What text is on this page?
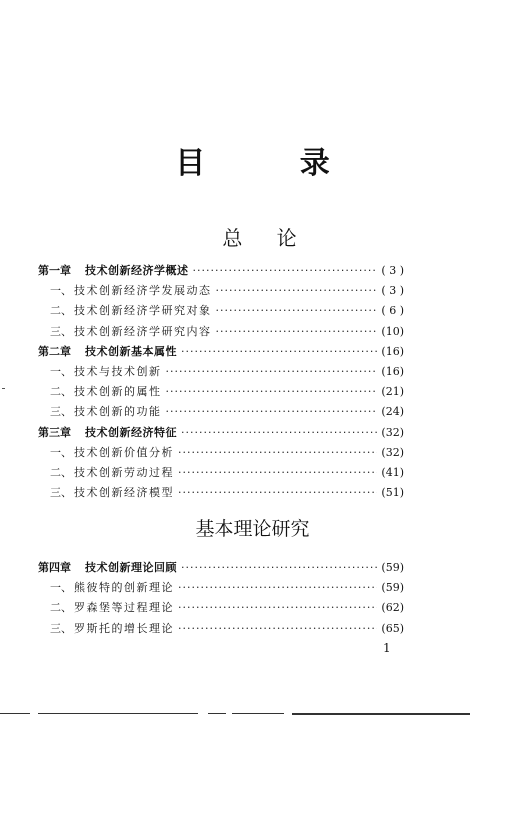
目 录
总 论
第一章 技术创新经济学概述 ·····	( 3 )
一、 技术创新经济学发展动态 ·····	( 3 )
二、 技术创新经济学研究对象 ·····	( 6 )
三、 技术创新经济学研究内容 ·····	(10)
第二章 技术创新基本属性 ·····	(16)
一、 技术与技术创新 ·····	(16)
二、 技术创新的属性 ·····	(21)
三、 技术创新的功能 ·····	(24)
第三章 技术创新经济特征 ·····	(32)
一、 技术创新价值分析 ·····	(32)
二、 技术创新劳动过程 ·····	(41)
三、 技术创新经济模型 ·····	(51)
基本理论研究
第四章 技术创新理论回顾 ·····	(59)
一、 熊彼特的创新理论 ·····	(59)
二、 罗森堡等过程理论 ·····	(62)
三、 罗斯托的增长理论 ·····	(65)
1
